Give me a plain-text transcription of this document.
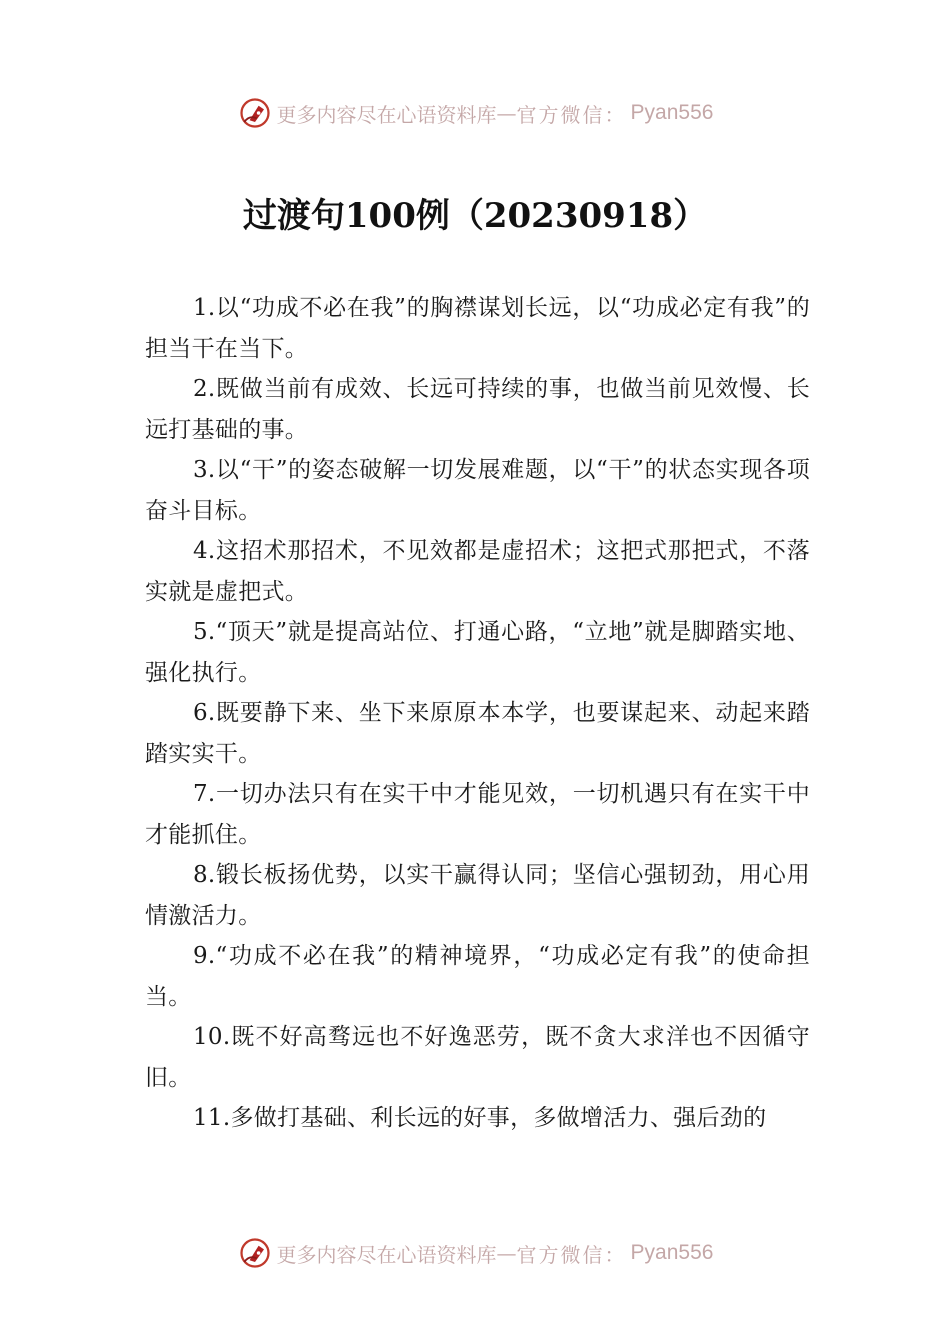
更多内容尽在心语资料库 — 官方微信： Pyan556
过渡句100例（20230918）

1.以“功成不必在我”的胸襟谋划长远，以“功成必定有我”的担当干在当下。

2.既做当前有成效、长远可持续的事，也做当前见效慢、长远打基础的事。

3.以“干”的姿态破解一切发展难题，以“干”的状态实现各项奋斗目标。

4.这招术那招术，不见效都是虚招术；这把式那把式，不落实就是虚把式。

5.“顶天”就是提高站位、打通心路，“立地”就是脚踏实地、强化执行。

6.既要静下来、坐下来原原本本学，也要谋起来、动起来踏踏实实干。

7.一切办法只有在实干中才能见效，一切机遇只有在实干中才能抓住。

8.锻长板扬优势，以实干赢得认同；坚信心强韧劲，用心用情激活力。

9.“功成不必在我”的精神境界，“功成必定有我”的使命担当。

10.既不好高骛远也不好逸恶劳，既不贪大求洋也不因循守旧。

11.多做打基础、利长远的好事，多做增活力、强后劲的

更多内容尽在心语资料库 — 官方微信： Pyan556
